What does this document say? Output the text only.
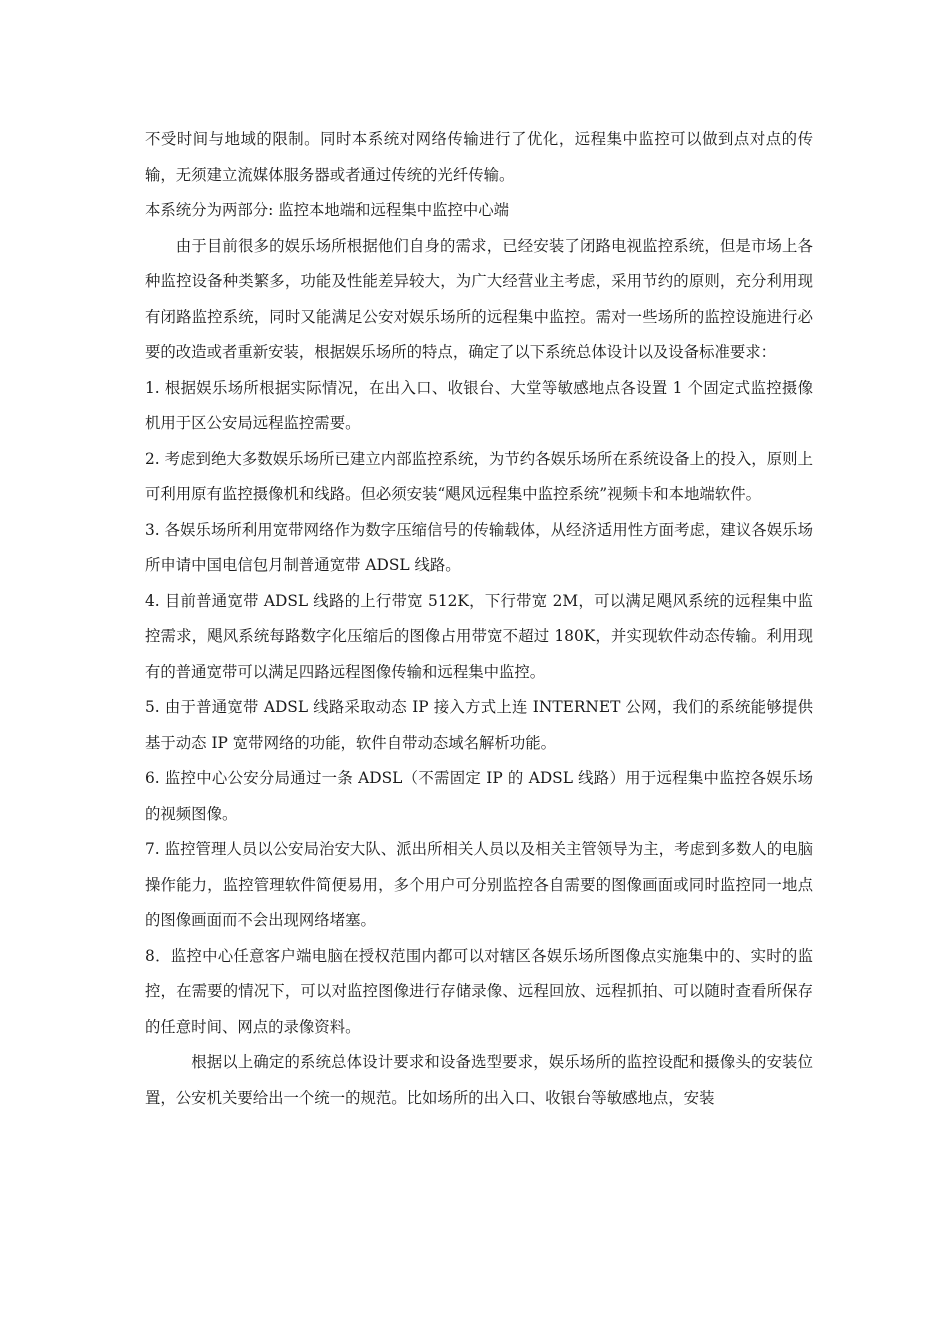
不受时间与地域的限制。同时本系统对网络传输进行了优化，远程集中监控可以做到点对点的传输，无须建立流媒体服务器或者通过传统的光纤传输。

本系统分为两部分: 监控本地端和远程集中监控中心端

由于目前很多的娱乐场所根据他们自身的需求，已经安装了闭路电视监控系统，但是市场上各种监控设备种类繁多，功能及性能差异较大，为广大经营业主考虑，采用节约的原则，充分利用现有闭路监控系统，同时又能满足公安对娱乐场所的远程集中监控。需对一些场所的监控设施进行必要的改造或者重新安装，根据娱乐场所的特点，确定了以下系统总体设计以及设备标准要求：

1. 根据娱乐场所根据实际情况，在出入口、收银台、大堂等敏感地点各设置 1 个固定式监控摄像机用于区公安局远程监控需要。

2. 考虑到绝大多数娱乐场所已建立内部监控系统，为节约各娱乐场所在系统设备上的投入，原则上可利用原有监控摄像机和线路。但必须安装“飓风远程集中监控系统”视频卡和本地端软件。

3. 各娱乐场所利用宽带网络作为数字压缩信号的传输载体，从经济适用性方面考虑，建议各娱乐场所申请中国电信包月制普通宽带 ADSL 线路。

4. 目前普通宽带 ADSL 线路的上行带宽 512K，下行带宽 2M，可以满足飓风系统的远程集中监控需求，飓风系统每路数字化压缩后的图像占用带宽不超过 180K，并实现软件动态传输。利用现有的普通宽带可以满足四路远程图像传输和远程集中监控。

5. 由于普通宽带 ADSL 线路采取动态 IP 接入方式上连 INTERNET 公网，我们的系统能够提供基于动态 IP 宽带网络的功能，软件自带动态域名解析功能。

6. 监控中心公安分局通过一条 ADSL（不需固定 IP 的 ADSL 线路）用于远程集中监控各娱乐场的视频图像。

7. 监控管理人员以公安局治安大队、派出所相关人员以及相关主管领导为主，考虑到多数人的电脑操作能力，监控管理软件简便易用，多个用户可分别监控各自需要的图像画面或同时监控同一地点的图像画面而不会出现网络堵塞。

8．监控中心任意客户端电脑在授权范围内都可以对辖区各娱乐场所图像点实施集中的、实时的监控，在需要的情况下，可以对监控图像进行存储录像、远程回放、远程抓拍、可以随时查看所保存的任意时间、网点的录像资料。

根据以上确定的系统总体设计要求和设备选型要求，娱乐场所的监控设配和摄像头的安装位置，公安机关要给出一个统一的规范。比如场所的出入口、收银台等敏感地点，安装
